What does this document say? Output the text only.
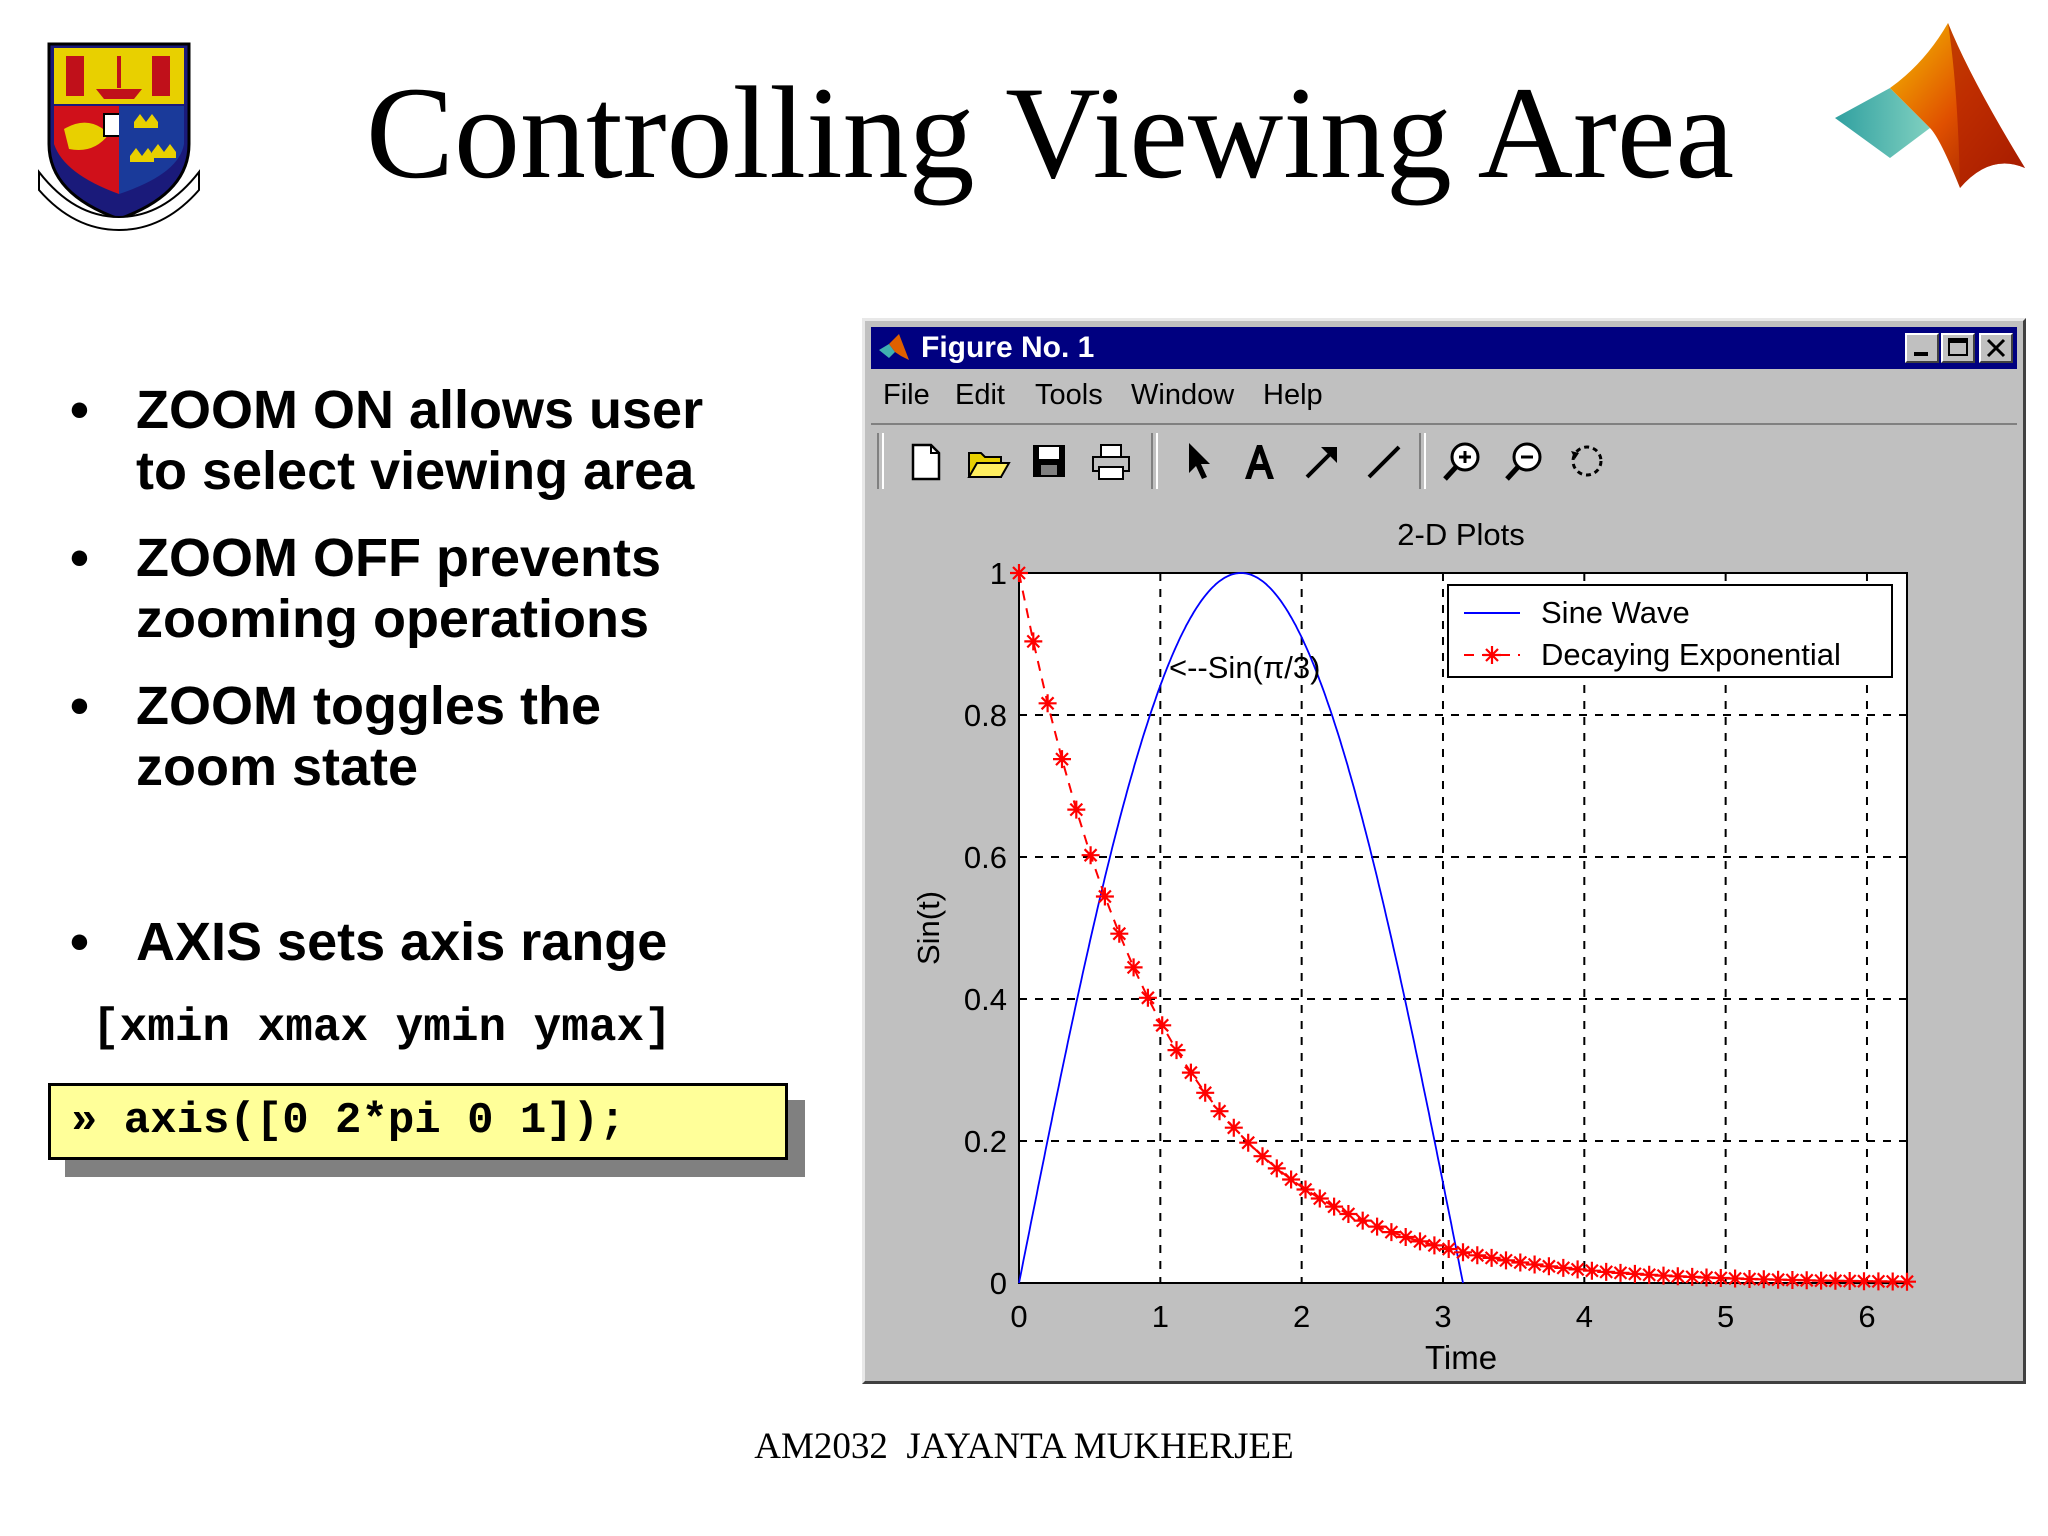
Controlling Viewing Area
• ZOOM ON allows user
to select viewing area
• ZOOM OFF prevents
zooming operations
• ZOOM toggles the
zoom state
• AXIS sets axis range
[xmin xmax ymin ymax]
» axis([0 2*pi 0 1]);
Figure No. 1
File Edit Tools Window Help
2-D Plots
0	1	2	3	4	5	6
0
0.2
0.4
0.6
0.8
1
<--Sin(π/3)
Time
Sin(t)
Sine Wave
Decaying Exponential
AM2032  JAYANTA MUKHERJEE
